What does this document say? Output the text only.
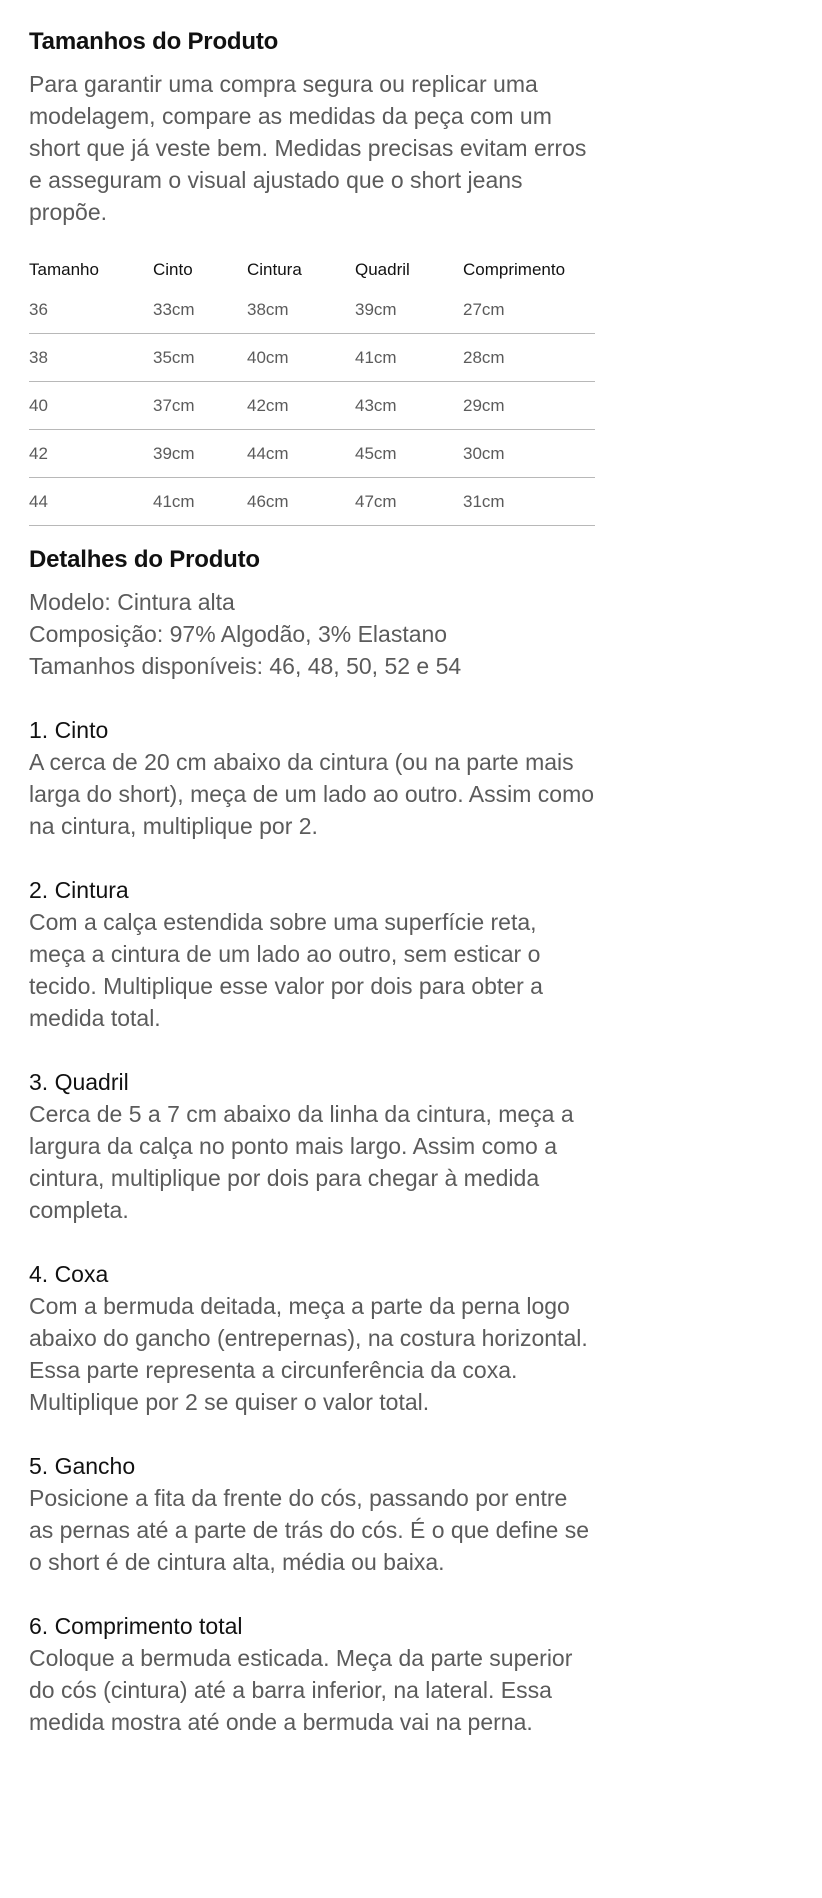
Tamanhos do Produto

Para garantir uma compra segura ou replicar uma modelagem, compare as medidas da peça com um short que já veste bem. Medidas precisas evitam erros e asseguram o visual ajustado que o short jeans propõe.

Tamanho	Cinto	Cintura	Quadril	Comprimento
36	33cm	38cm	39cm	27cm
38	35cm	40cm	41cm	28cm
40	37cm	42cm	43cm	29cm
42	39cm	44cm	45cm	30cm
44	41cm	46cm	47cm	31cm
Detalhes do Produto
Modelo: Cintura alta
Composição: 97% Algodão, 3% Elastano
Tamanhos disponíveis: 46, 48, 50, 52 e 54
1. Cinto
A cerca de 20 cm abaixo da cintura (ou na parte mais larga do short), meça de um lado ao outro. Assim como na cintura, multiplique por 2.
2. Cintura
Com a calça estendida sobre uma superfície reta, meça a cintura de um lado ao outro, sem esticar o tecido. Multiplique esse valor por dois para obter a medida total.
3. Quadril
Cerca de 5 a 7 cm abaixo da linha da cintura, meça a largura da calça no ponto mais largo. Assim como a cintura, multiplique por dois para chegar à medida completa.
4. Coxa
Com a bermuda deitada, meça a parte da perna logo abaixo do gancho (entrepernas), na costura horizontal. Essa parte representa a circunferência da coxa. Multiplique por 2 se quiser o valor total.
5. Gancho
Posicione a fita da frente do cós, passando por entre as pernas até a parte de trás do cós. É o que define se o short é de cintura alta, média ou baixa.
6. Comprimento total
Coloque a bermuda esticada. Meça da parte superior do cós (cintura) até a barra inferior, na lateral. Essa medida mostra até onde a bermuda vai na perna.
